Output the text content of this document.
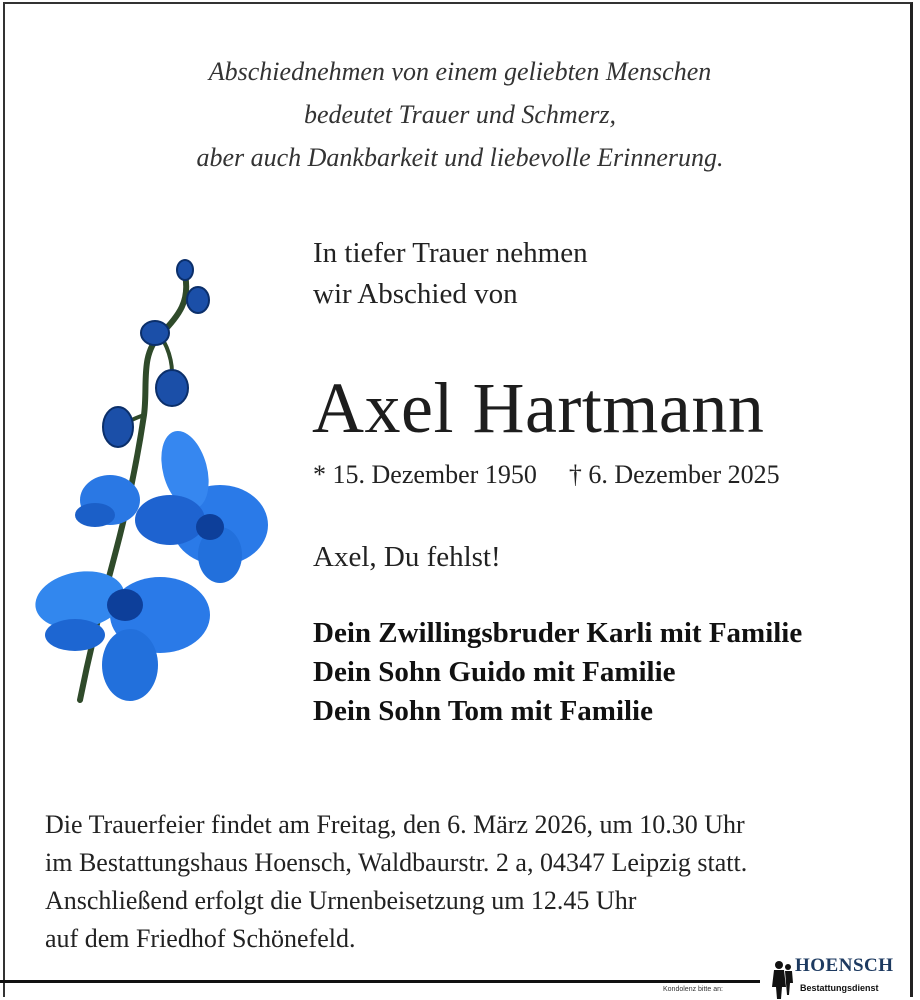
Abschiednehmen von einem geliebten Menschen
bedeutet Trauer und Schmerz,
aber auch Dankbarkeit und liebevolle Erinnerung.
In tiefer Trauer nehmen
wir Abschied von
Axel Hartmann
* 15. Dezember 1950 † 6. Dezember 2025
Axel, Du fehlst!
Dein Zwillingsbruder Karli mit Familie
Dein Sohn Guido mit Familie
Dein Sohn Tom mit Familie
Die Trauerfeier findet am Freitag, den 6. März 2026, um 10.30 Uhr
im Bestattungshaus Hoensch, Waldbaurstr. 2 a, 04347 Leipzig statt.
Anschließend erfolgt die Urnenbeisetzung um 12.45 Uhr
auf dem Friedhof Schönefeld.
Kondolenz bitte an:
HOENSCH
Bestattungsdienst
